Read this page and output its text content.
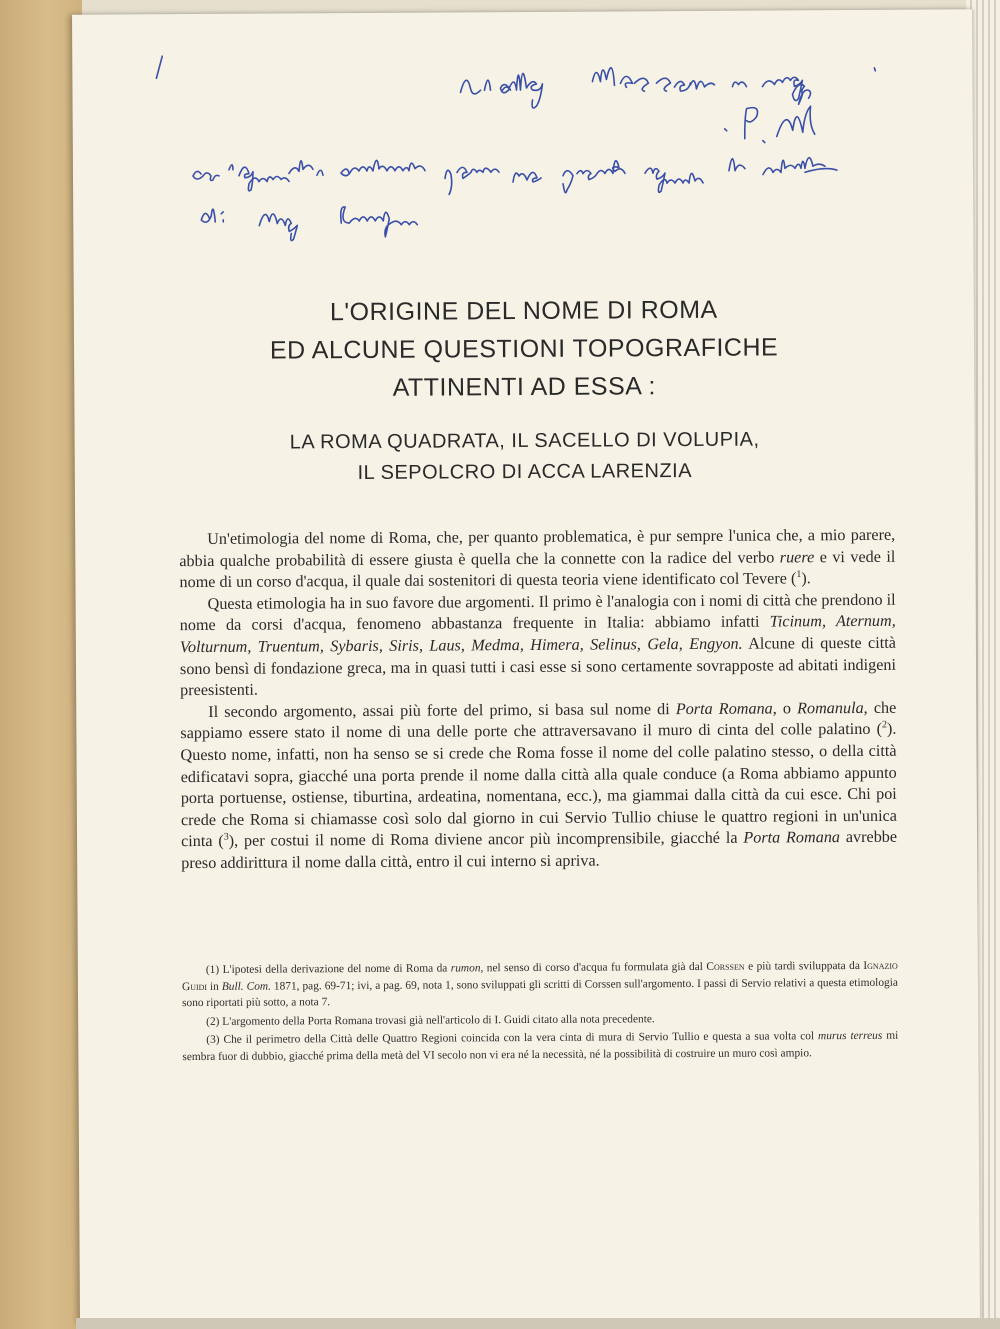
L'ORIGINE DEL NOME DI ROMA
ED ALCUNE QUESTIONI TOPOGRAFICHE
ATTINENTI AD ESSA :
LA ROMA QUADRATA, IL SACELLO DI VOLUPIA,
IL SEPOLCRO DI ACCA LARENZIA

Un'etimologia del nome di Roma, che, per quanto problematica, è pur sempre l'unica che, a mio parere, abbia qualche probabilità di essere giusta è quella che la connette con la radice del verbo ruere e vi vede il nome di un corso d'acqua, il quale dai sostenitori di questa teoria viene identificato col Tevere ($^1$).

Questa etimologia ha in suo favore due argomenti. Il primo è l'analogia con i nomi di città che prendono il nome da corsi d'acqua, fenomeno abbastanza frequente in Italia: abbiamo infatti Ticinum, Aternum, Volturnum, Truentum, Sybaris, Siris, Laus, Medma, Himera, Selinus, Gela, Engyon. Alcune di queste città sono bensì di fondazione greca, ma in quasi tutti i casi esse si sono certamente sovrapposte ad abitati indigeni preesistenti.

Il secondo argomento, assai più forte del primo, si basa sul nome di Porta Romana, o Romanula, che sappiamo essere stato il nome di una delle porte che attraversavano il muro di cinta del colle palatino ($^2$). Questo nome, infatti, non ha senso se si crede che Roma fosse il nome del colle palatino stesso, o della città edificatavi sopra, giacché una porta prende il nome dalla città alla quale conduce (a Roma abbiamo appunto porta portuense, ostiense, tiburtina, ardeatina, nomentana, ecc.), ma giammai dalla città da cui esce. Chi poi crede che Roma si chiamasse così solo dal giorno in cui Servio Tullio chiuse le quattro regioni in un'unica cinta ($^3$), per costui il nome di Roma diviene ancor più incomprensibile, giacché la Porta Romana avrebbe preso addirittura il nome dalla città, entro il cui interno si apriva.

(1) L'ipotesi della derivazione del nome di Roma da rumon, nel senso di corso d'acqua fu formulata già dal Corssen e più tardi sviluppata da Ignazio Guidi in Bull. Com. 1871, pag. 69-71; ivi, a pag. 69, nota 1, sono sviluppati gli scritti di Corssen sull'argomento. I passi di Servio relativi a questa etimologia sono riportati più sotto, a nota 7.

(2) L'argomento della Porta Romana trovasi già nell'articolo di I. Guidi citato alla nota precedente.

(3) Che il perimetro della Città delle Quattro Regioni coincida con la vera cinta di mura di Servio Tullio e questa a sua volta col murus terreus mi sembra fuor di dubbio, giacché prima della metà del VI secolo non vi era né la necessità, né la possibilità di costruire un muro così ampio.
